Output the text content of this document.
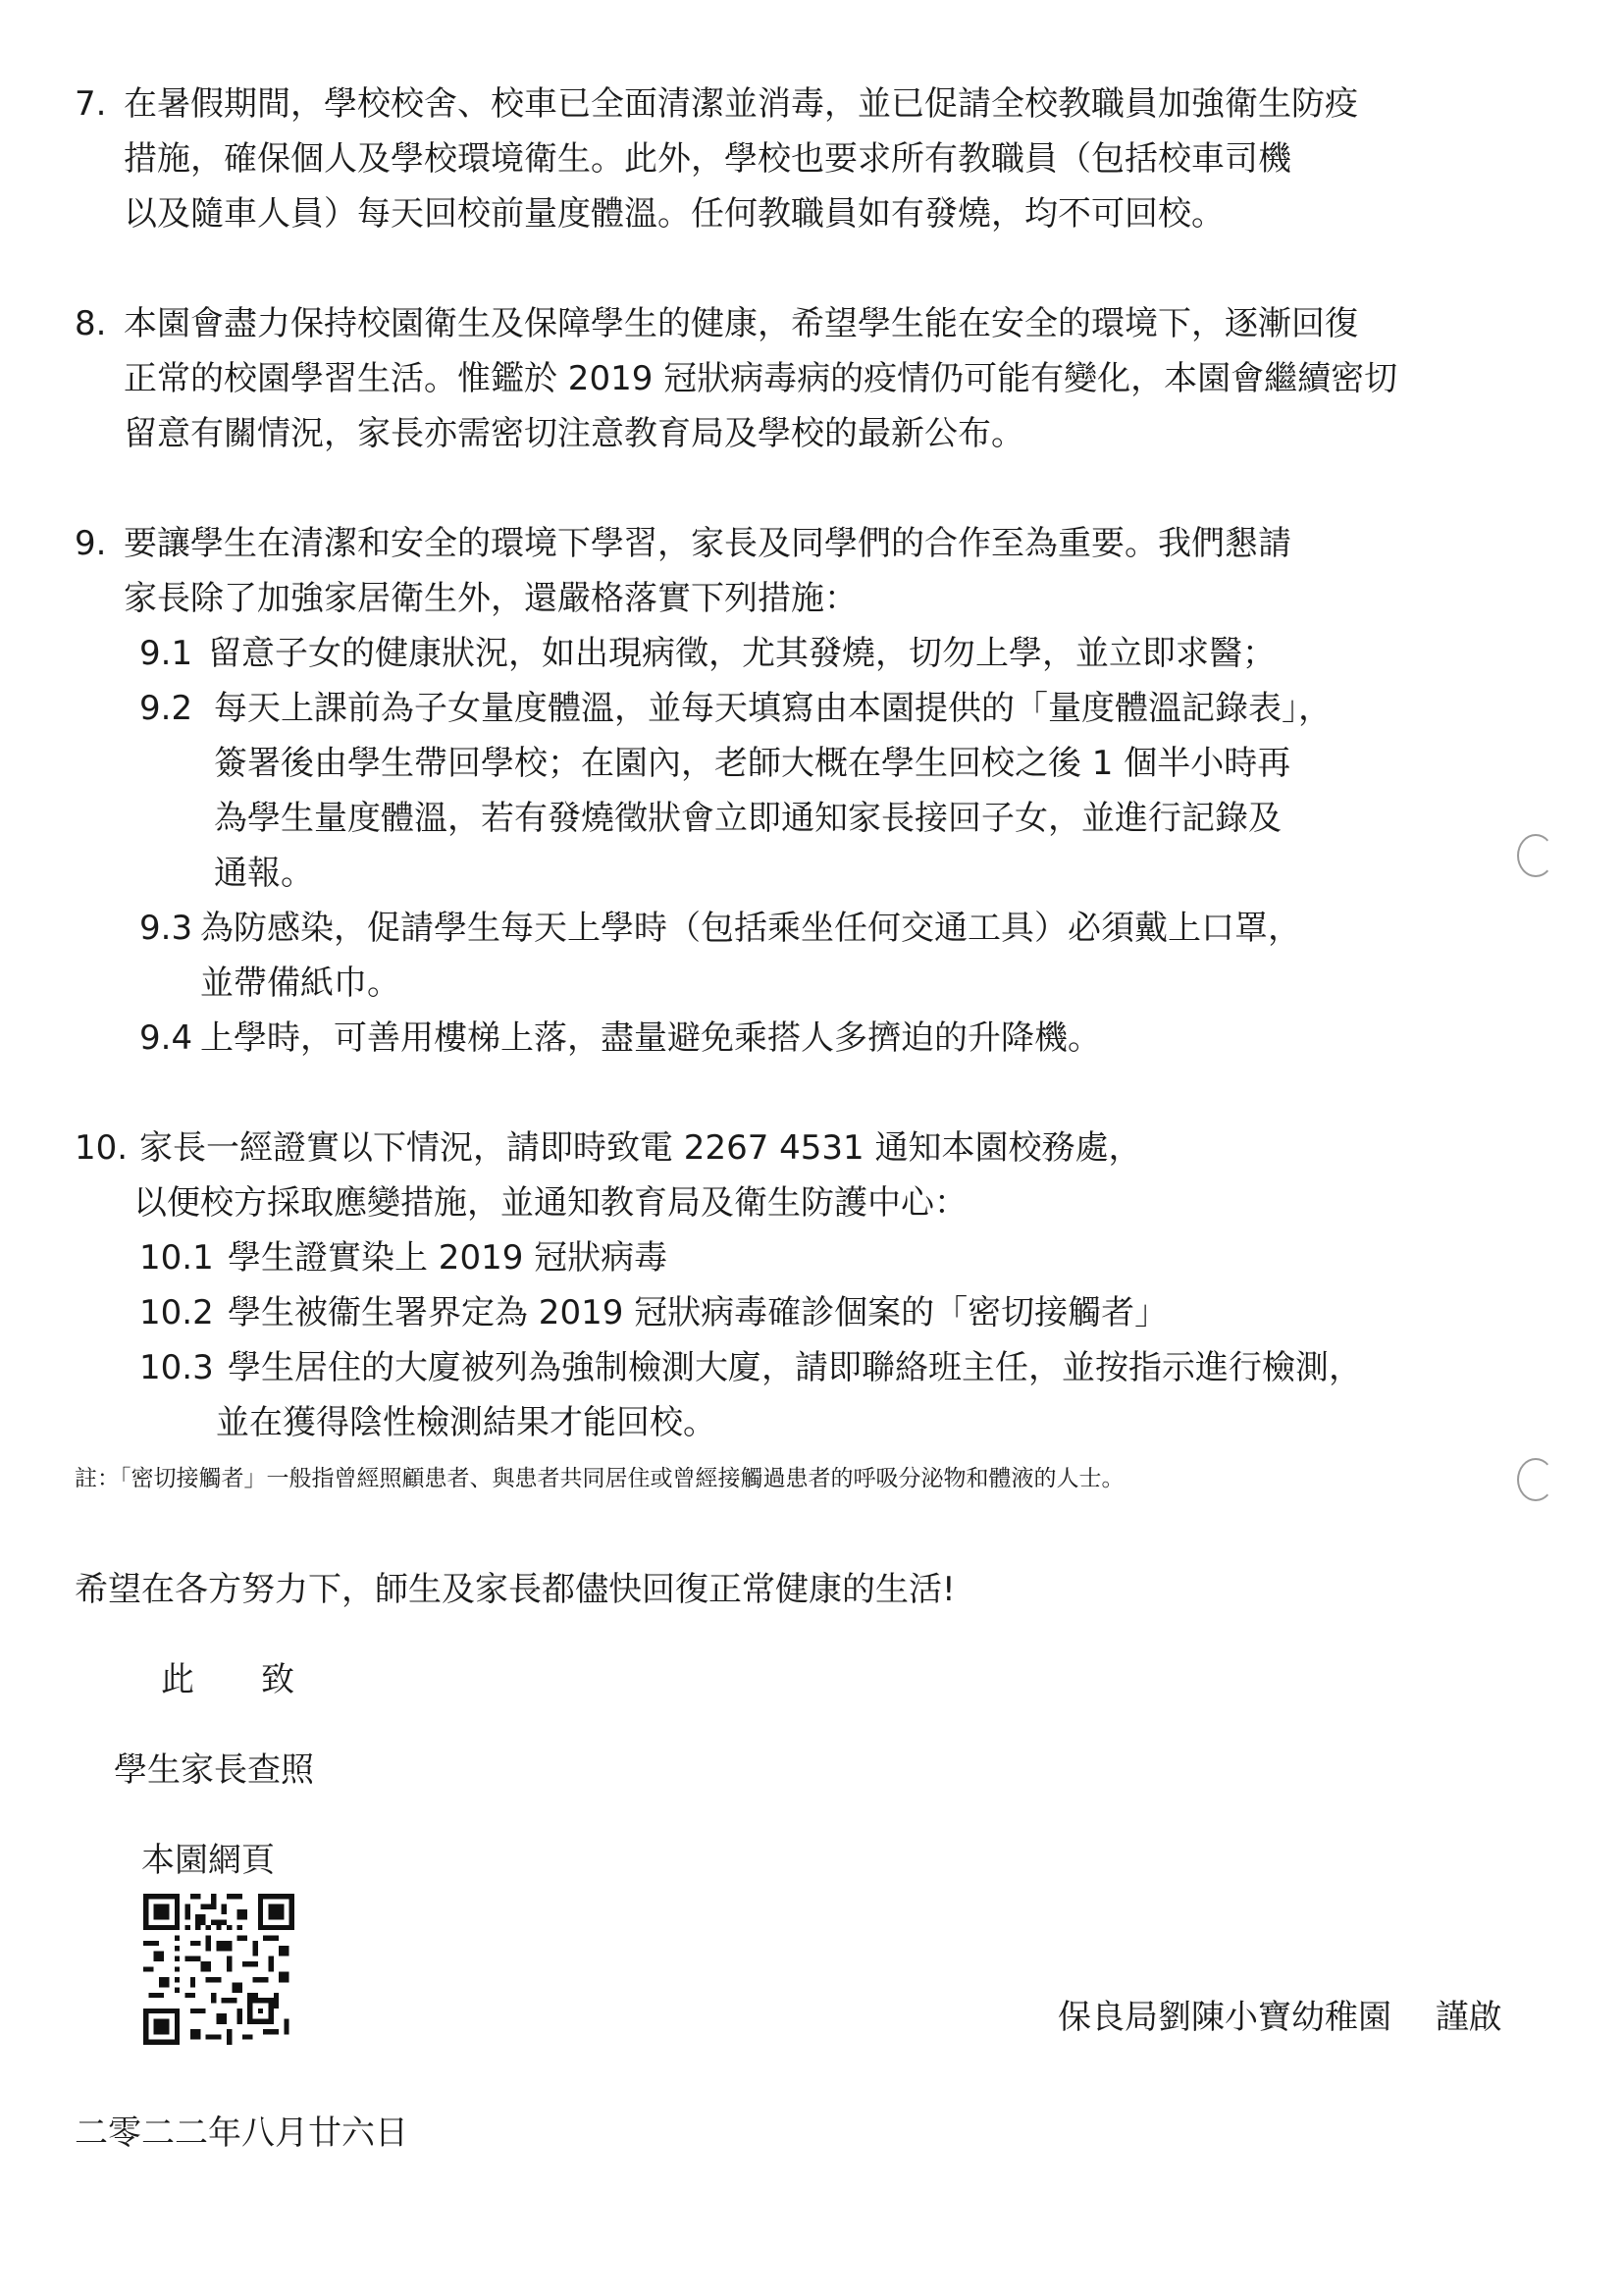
7. 在暑假期間，學校校舍、校車已全面清潔並消毒，並已促請全校教職員加強衛生防疫
措施，確保個人及學校環境衛生。此外，學校也要求所有教職員（包括校車司機
以及隨車人員）每天回校前量度體溫。任何教職員如有發燒，均不可回校。
8. 本園會盡力保持校園衛生及保障學生的健康，希望學生能在安全的環境下，逐漸回復
正常的校園學習生活。惟鑑於 2019 冠狀病毒病的疫情仍可能有變化，本園會繼續密切
留意有關情況，家長亦需密切注意教育局及學校的最新公布。
9. 要讓學生在清潔和安全的環境下學習，家長及同學們的合作至為重要。我們懇請
家長除了加強家居衛生外，還嚴格落實下列措施：
9.1 留意子女的健康狀況，如出現病徵，尤其發燒，切勿上學，並立即求醫；
9.2 每天上課前為子女量度體溫，並每天填寫由本園提供的「量度體溫記錄表」，
簽署後由學生帶回學校；在園內，老師大概在學生回校之後 1 個半小時再
為學生量度體溫，若有發燒徵狀會立即通知家長接回子女，並進行記錄及
通報。
9.3 為防感染，促請學生每天上學時（包括乘坐任何交通工具）必須戴上口罩，
並帶備紙巾。
9.4 上學時，可善用樓梯上落，盡量避免乘搭人多擠迫的升降機。
10. 家長一經證實以下情況，請即時致電 2267 4531 通知本園校務處，
以便校方採取應變措施，並通知教育局及衛生防護中心：
10.1 學生證實染上 2019 冠狀病毒
10.2 學生被衞生署界定為 2019 冠狀病毒確診個案的「密切接觸者」
10.3 學生居住的大廈被列為強制檢測大廈，請即聯絡班主任，並按指示進行檢測，
並在獲得陰性檢測結果才能回校。
註：「密切接觸者」一般指曾經照顧患者、與患者共同居住或曾經接觸過患者的呼吸分泌物和體液的人士。
希望在各方努力下，師生及家長都儘快回復正常健康的生活!
此　　致
學生家長查照
本園網頁
保良局劉陳小寶幼稚園　 謹啟
二零二二年八月廿六日
